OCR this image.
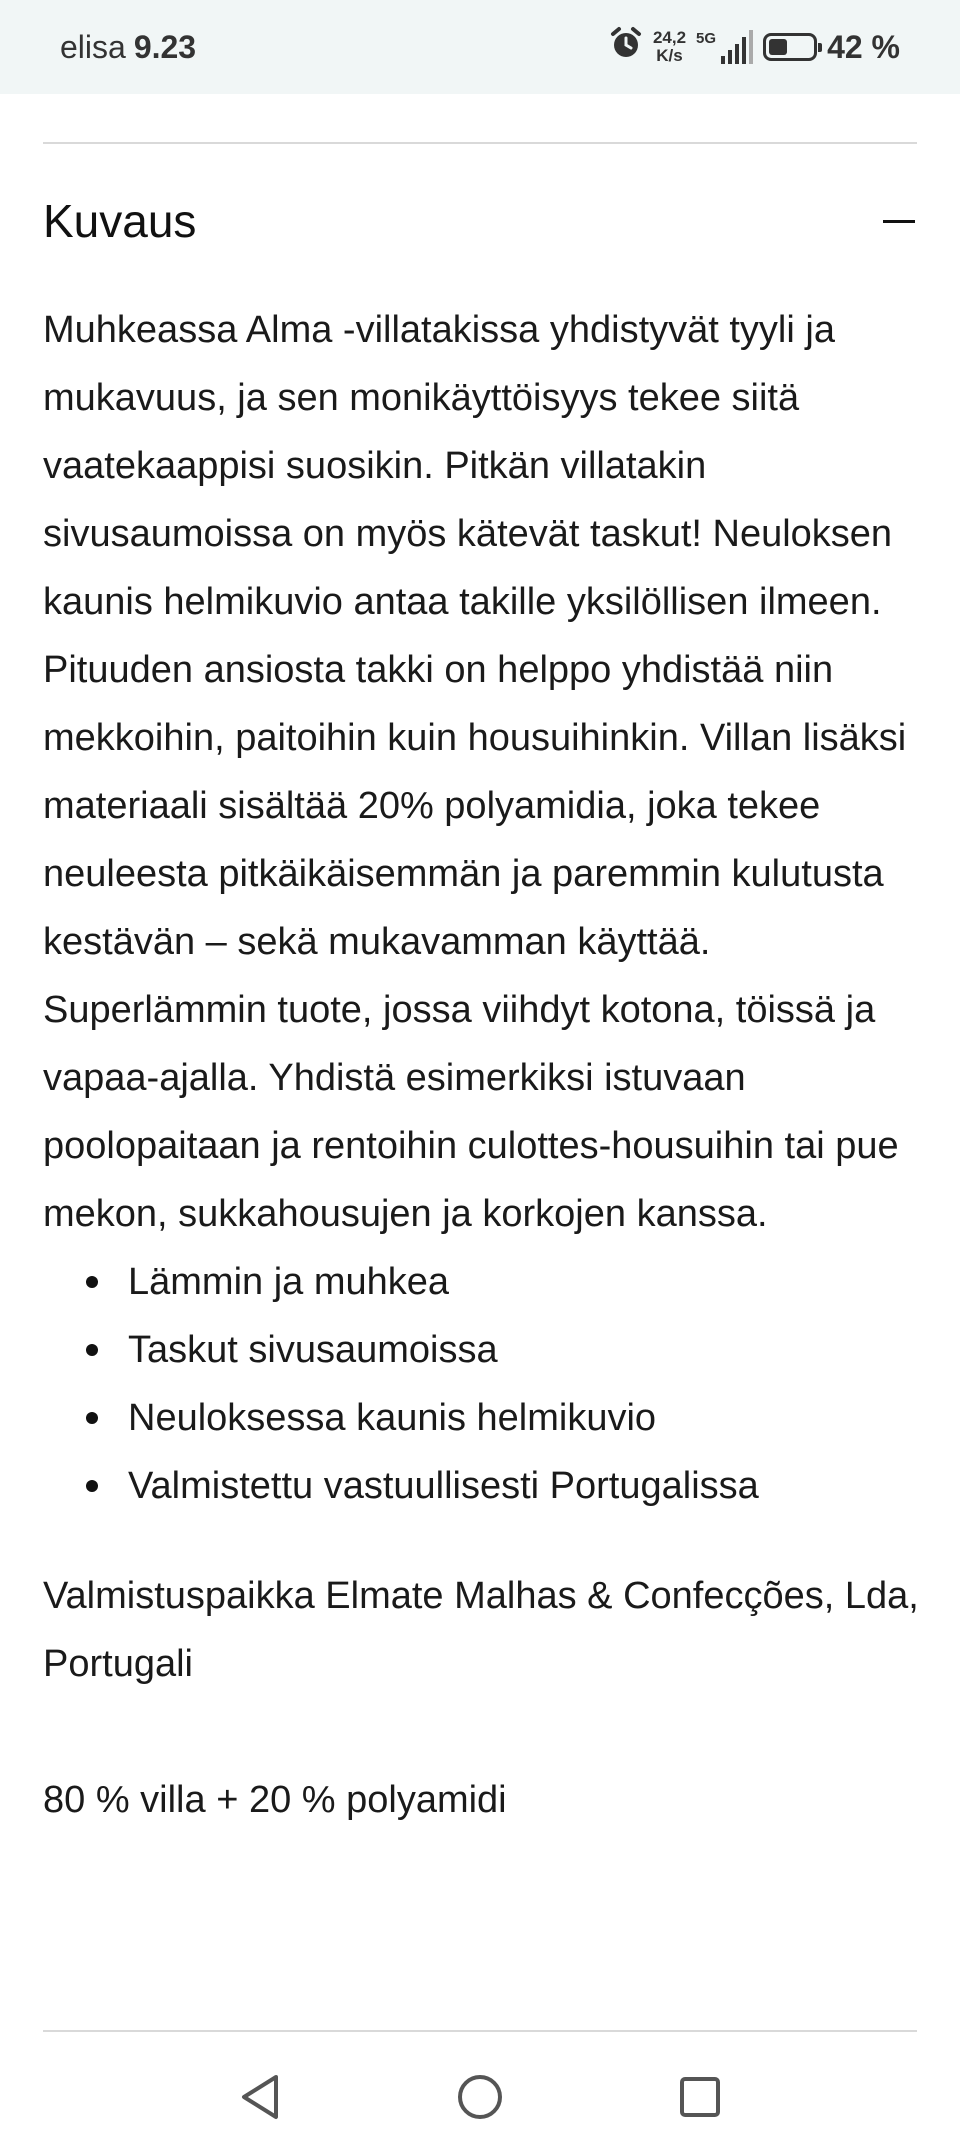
elisa 9.23	24,2
K/s
5G	42 %
Kuvaus

Muhkeassa Alma -villatakissa yhdistyvät tyyli ja mukavuus, ja sen monikäyttöisyys tekee siitä vaatekaappisi suosikin. Pitkän villatakin sivusaumoissa on myös kätevät taskut! Neuloksen kaunis helmikuvio antaa takille yksilöllisen ilmeen. Pituuden ansiosta takki on helppo yhdistää niin mekkoihin, paitoihin kuin housuihinkin. Villan lisäksi materiaali sisältää 20% polyamidia, joka tekee neuleesta pitkäikäisemmän ja paremmin kulutusta kestävän – sekä mukavamman käyttää. Superlämmin tuote, jossa viihdyt kotona, töissä ja vapaa-ajalla. Yhdistä esimerkiksi istuvaan poolopaitaan ja rentoihin culottes-housuihin tai pue mekon, sukkahousujen ja korkojen kanssa.

Lämmin ja muhkea
Taskut sivusaumoissa
Neuloksessa kaunis helmikuvio
Valmistettu vastuullisesti Portugalissa

Valmistuspaikka Elmate Malhas & Confecções, Lda, Portugali

80 % villa + 20 % polyamidi
